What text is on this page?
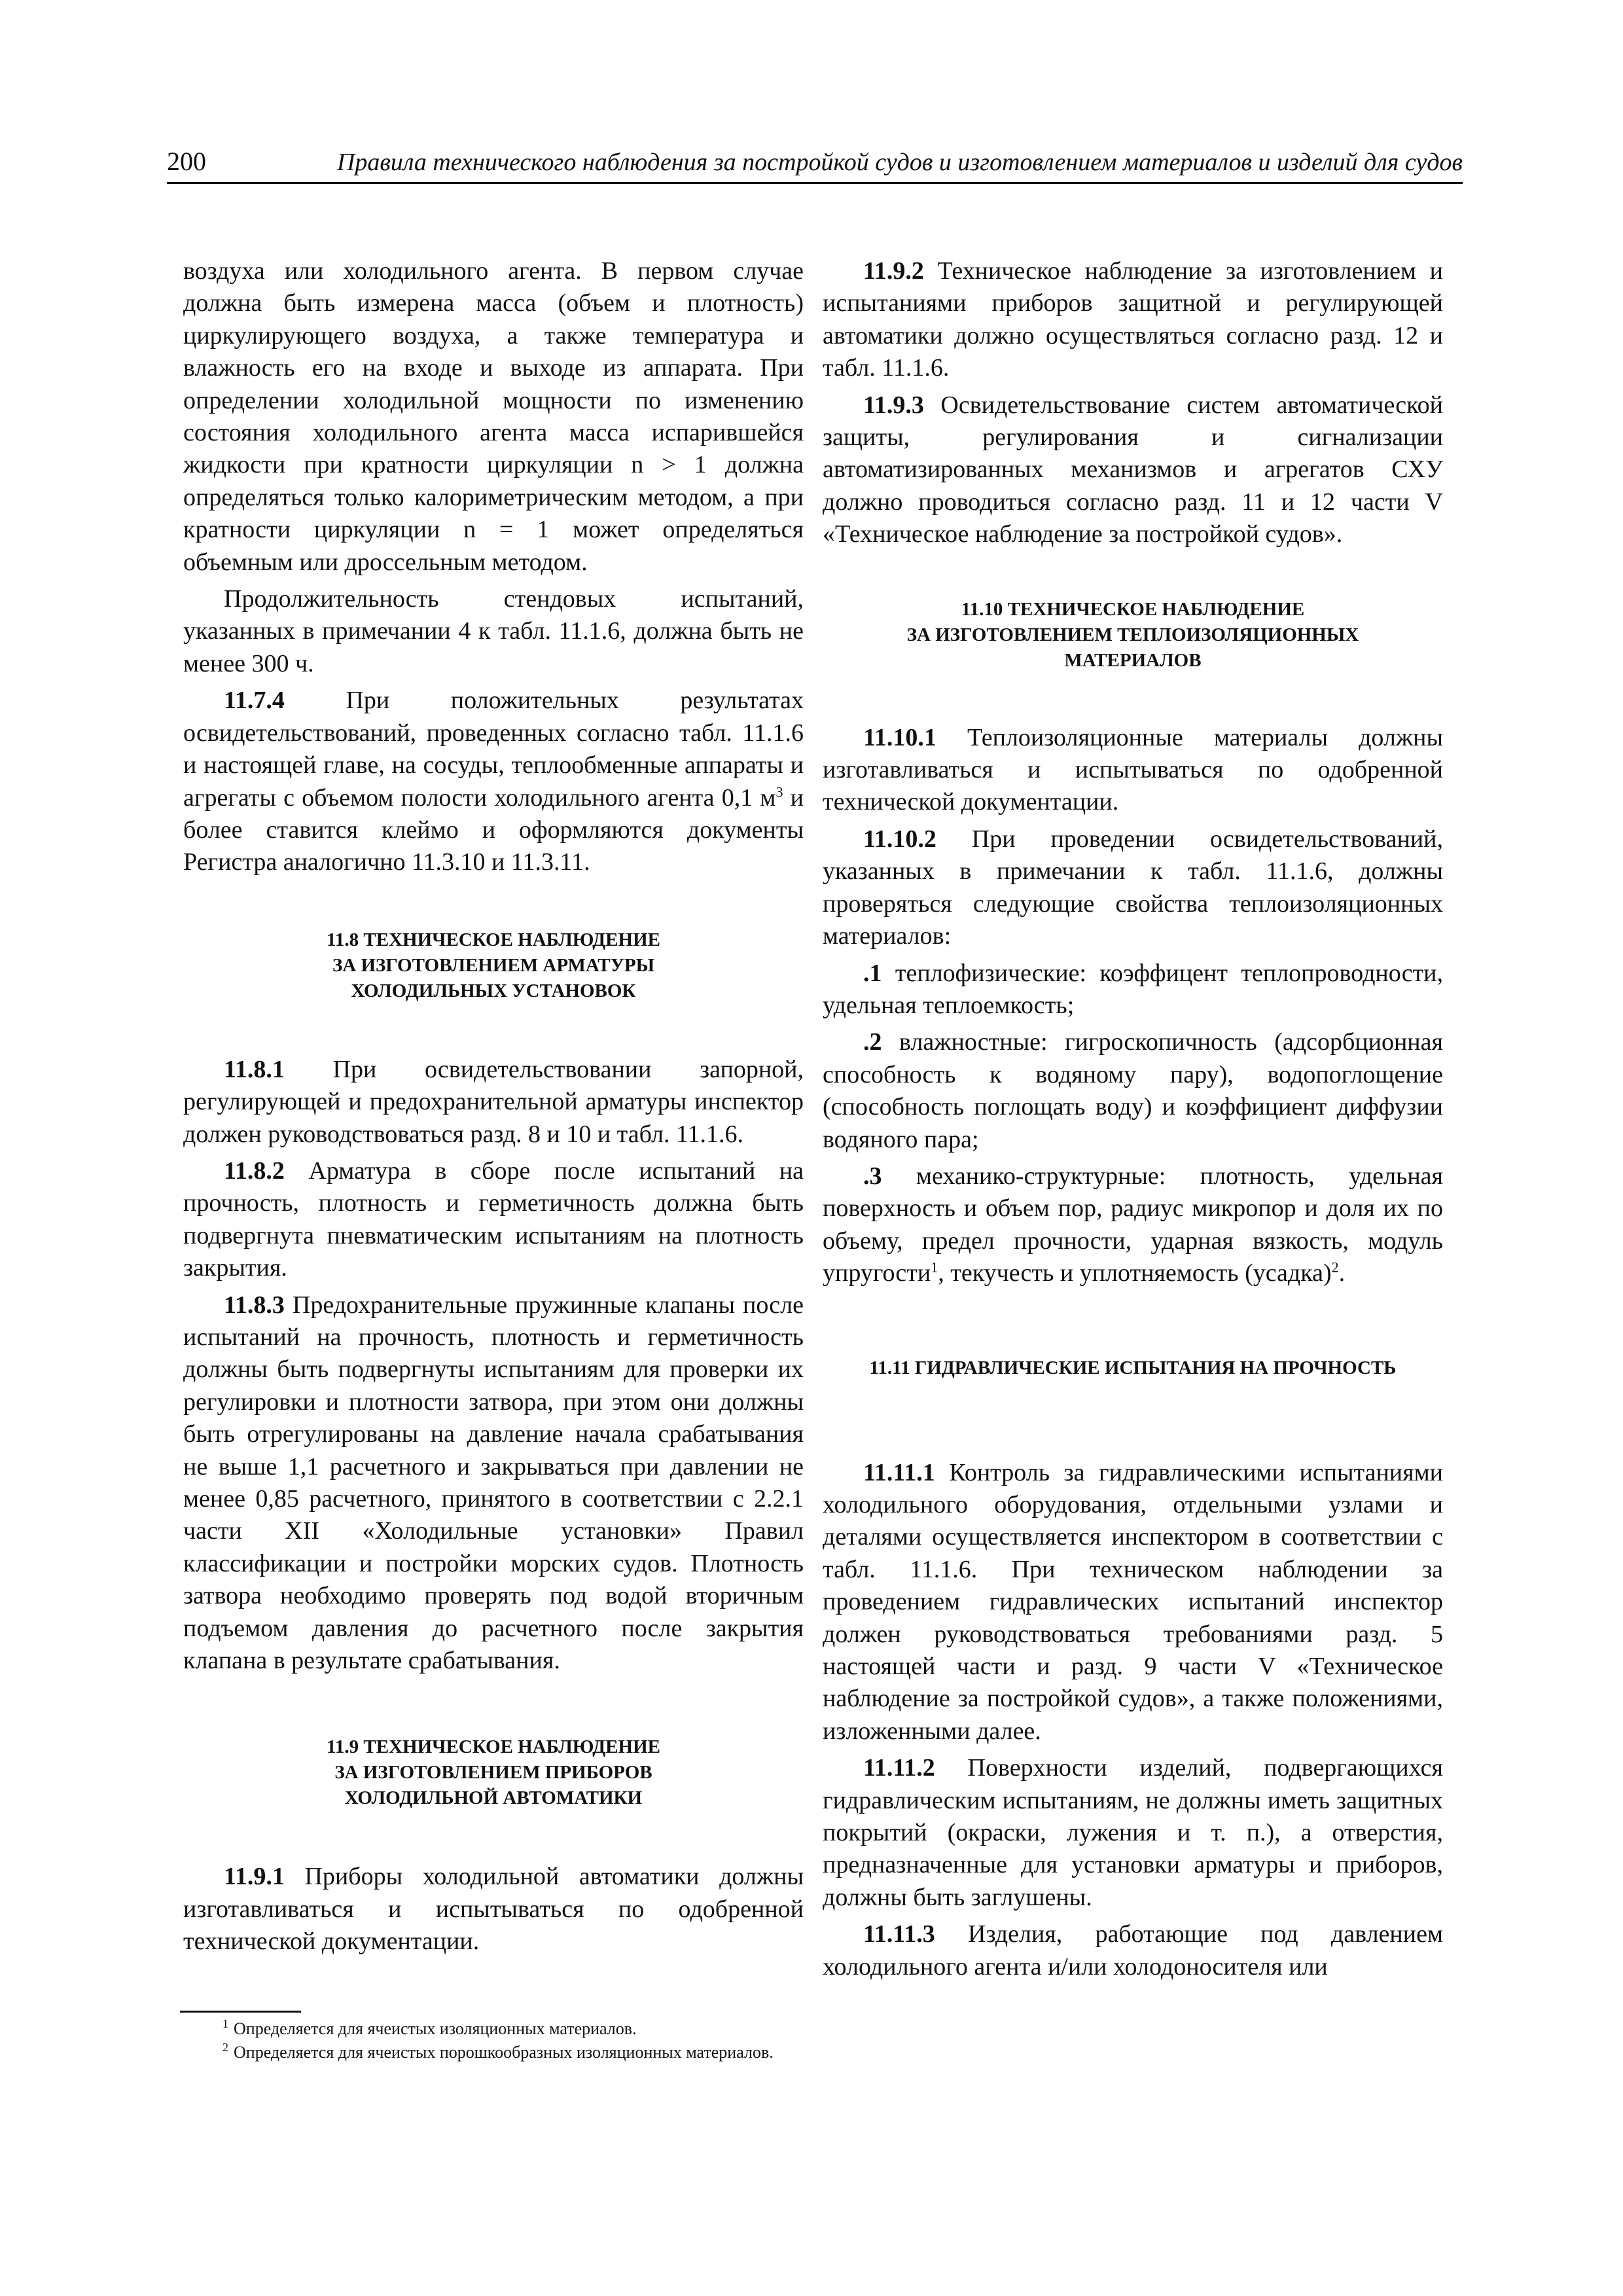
200	Правила технического наблюдения за постройкой судов и изготовлением материалов и изделий для судов

воздуха или холодильного агента. В первом случае должна быть измерена масса (объем и плотность) циркулирующего воздуха, а также температура и влажность его на входе и выходе из аппарата. При определении холодильной мощности по изменению состояния холодильного агента масса испарившейся жидкости при кратности циркуляции n > 1 должна определяться только калориметрическим методом, а при кратности циркуляции n = 1 может определяться объемным или дроссельным методом.

Продолжительность стендовых испытаний, указанных в примечании 4 к табл. 11.1.6, должна быть не менее 300 ч.

11.7.4 При положительных результатах освидетельствований, проведенных согласно табл. 11.1.6 и настоящей главе, на сосуды, теплообменные аппараты и агрегаты с объемом полости холодильного агента 0,1 $м^3$ и более ставится клеймо и оформляются документы Регистра аналогично 11.3.10 и 11.3.11.

11.8 ТЕХНИЧЕСКОЕ НАБЛЮДЕНИЕ
ЗА ИЗГОТОВЛЕНИЕМ АРМАТУРЫ
ХОЛОДИЛЬНЫХ УСТАНОВОК

11.8.1 При освидетельствовании запорной, регулирующей и предохранительной арматуры инспектор должен руководствоваться разд. 8 и 10 и табл. 11.1.6.

11.8.2 Арматура в сборе после испытаний на прочность, плотность и герметичность должна быть подвергнута пневматическим испытаниям на плотность закрытия.

11.8.3 Предохранительные пружинные клапаны после испытаний на прочность, плотность и герметичность должны быть подвергнуты испытаниям для проверки их регулировки и плотности затвора, при этом они должны быть отрегулированы на давление начала срабатывания не выше 1,1 расчетного и закрываться при давлении не менее 0,85 расчетного, принятого в соответствии с 2.2.1 части XII «Холодильные установки» Правил классификации и постройки морских судов. Плотность затвора необходимо проверять под водой вторичным подъемом давления до расчетного после закрытия клапана в результате срабатывания.

11.9 ТЕХНИЧЕСКОЕ НАБЛЮДЕНИЕ
ЗА ИЗГОТОВЛЕНИЕМ ПРИБОРОВ
ХОЛОДИЛЬНОЙ АВТОМАТИКИ

11.9.1 Приборы холодильной автоматики должны изготавливаться и испытываться по одобренной технической документации.

11.9.2 Техническое наблюдение за изготовлением и испытаниями приборов защитной и регулирующей автоматики должно осуществляться согласно разд. 12 и табл. 11.1.6.

11.9.3 Освидетельствование систем автоматической защиты, регулирования и сигнализации автоматизированных механизмов и агрегатов СХУ должно проводиться согласно разд. 11 и 12 части V «Техническое наблюдение за постройкой судов».

11.10 ТЕХНИЧЕСКОЕ НАБЛЮДЕНИЕ
ЗА ИЗГОТОВЛЕНИЕМ ТЕПЛОИЗОЛЯЦИОННЫХ
МАТЕРИАЛОВ

11.10.1 Теплоизоляционные материалы должны изготавливаться и испытываться по одобренной технической документации.

11.10.2 При проведении освидетельствований, указанных в примечании к табл. 11.1.6, должны проверяться следующие свойства теплоизоляционных материалов:

.1 теплофизические: коэффицент теплопроводности, удельная теплоемкость;

.2 влажностные: гигроскопичность (адсорбционная способность к водяному пару), водопоглощение (способность поглощать воду) и коэффициент диффузии водяного пара;

.3 механико-структурные: плотность, удельная поверхность и объем пор, радиус микропор и доля их по объему, предел прочности, ударная вязкость, модуль упругости$^1$, текучесть и уплотняемость (усадка)$^2$.

11.11 ГИДРАВЛИЧЕСКИЕ ИСПЫТАНИЯ НА ПРОЧНОСТЬ

11.11.1 Контроль за гидравлическими испытаниями холодильного оборудования, отдельными узлами и деталями осуществляется инспектором в соответствии с табл. 11.1.6. При техническом наблюдении за проведением гидравлических испытаний инспектор должен руководствоваться требованиями разд. 5 настоящей части и разд. 9 части V «Техническое наблюдение за постройкой судов», а также положениями, изложенными далее.

11.11.2 Поверхности изделий, подвергающихся гидравлическим испытаниям, не должны иметь защитных покрытий (окраски, лужения и т. п.), а отверстия, предназначенные для установки арматуры и приборов, должны быть заглушены.

11.11.3 Изделия, работающие под давлением холодильного агента и/или холодоносителя или

$^1$ Определяется для ячеистых изоляционных материалов.
$^2$ Определяется для ячеистых порошкообразных изоляционных материалов.
